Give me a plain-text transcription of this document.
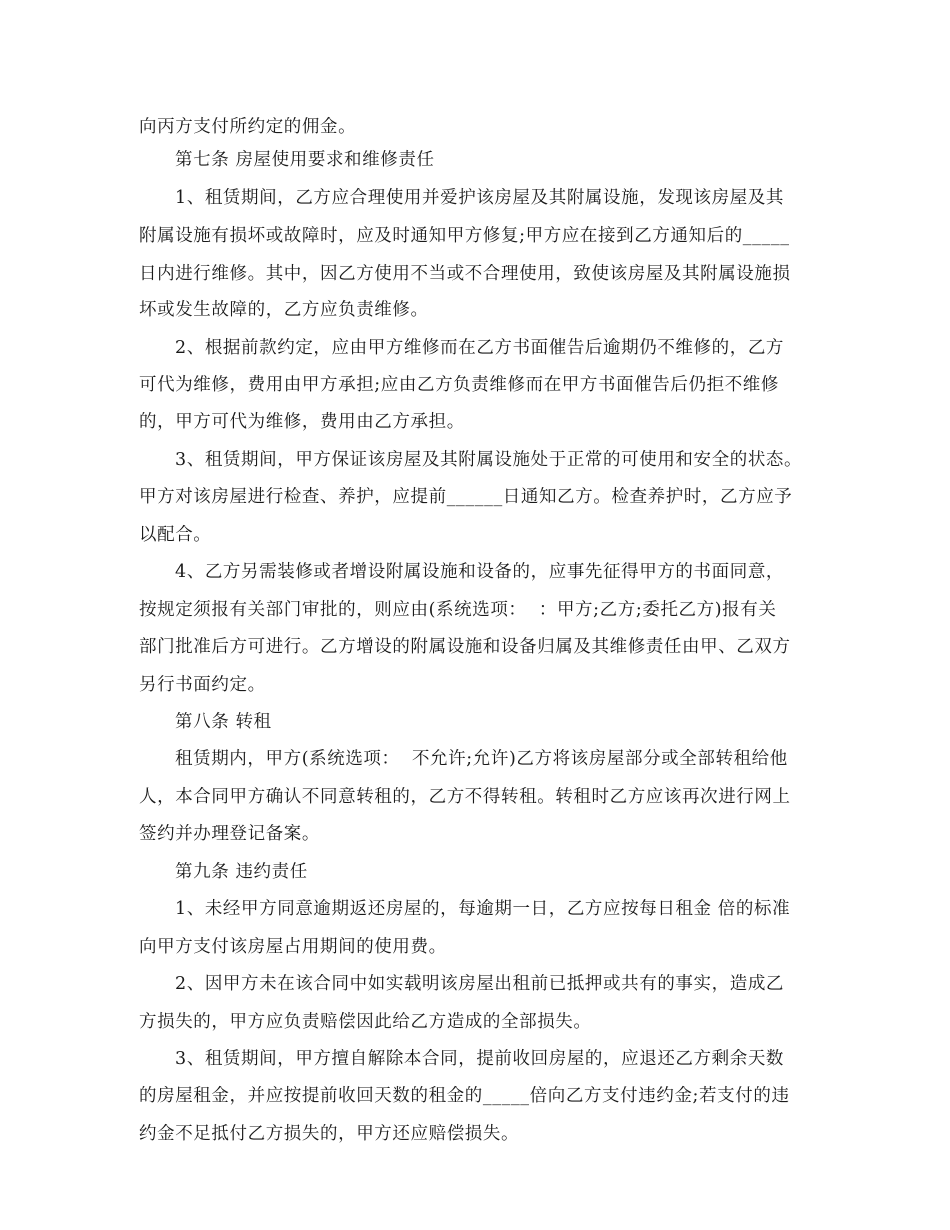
向丙方支付所约定的佣金。
第七条 房屋使用要求和维修责任
1、租赁期间，乙方应合理使用并爱护该房屋及其附属设施，发现该房屋及其
附属设施有损坏或故障时，应及时通知甲方修复;甲方应在接到乙方通知后的_____
日内进行维修。其中，因乙方使用不当或不合理使用，致使该房屋及其附属设施损
坏或发生故障的，乙方应负责维修。
2、根据前款约定，应由甲方维修而在乙方书面催告后逾期仍不维修的，乙方
可代为维修，费用由甲方承担;应由乙方负责维修而在甲方书面催告后仍拒不维修
的，甲方可代为维修，费用由乙方承担。
3、租赁期间，甲方保证该房屋及其附属设施处于正常的可使用和安全的状态。
甲方对该房屋进行检查、养护，应提前______日通知乙方。检查养护时，乙方应予
以配合。
4、乙方另需装修或者增设附属设施和设备的，应事先征得甲方的书面同意，
按规定须报有关部门审批的，则应由(系统选项：  ：甲方;乙方;委托乙方)报有关
部门批准后方可进行。乙方增设的附属设施和设备归属及其维修责任由甲、乙双方
另行书面约定。
第八条 转租
租赁期内，甲方(系统选项：  不允许;允许)乙方将该房屋部分或全部转租给他
人，本合同甲方确认不同意转租的，乙方不得转租。转租时乙方应该再次进行网上
签约并办理登记备案。
第九条 违约责任
1、未经甲方同意逾期返还房屋的，每逾期一日，乙方应按每日租金 倍的标准
向甲方支付该房屋占用期间的使用费。
2、因甲方未在该合同中如实载明该房屋出租前已抵押或共有的事实，造成乙
方损失的，甲方应负责赔偿因此给乙方造成的全部损失。
3、租赁期间，甲方擅自解除本合同，提前收回房屋的，应退还乙方剩余天数
的房屋租金，并应按提前收回天数的租金的_____倍向乙方支付违约金;若支付的违
约金不足抵付乙方损失的，甲方还应赔偿损失。
